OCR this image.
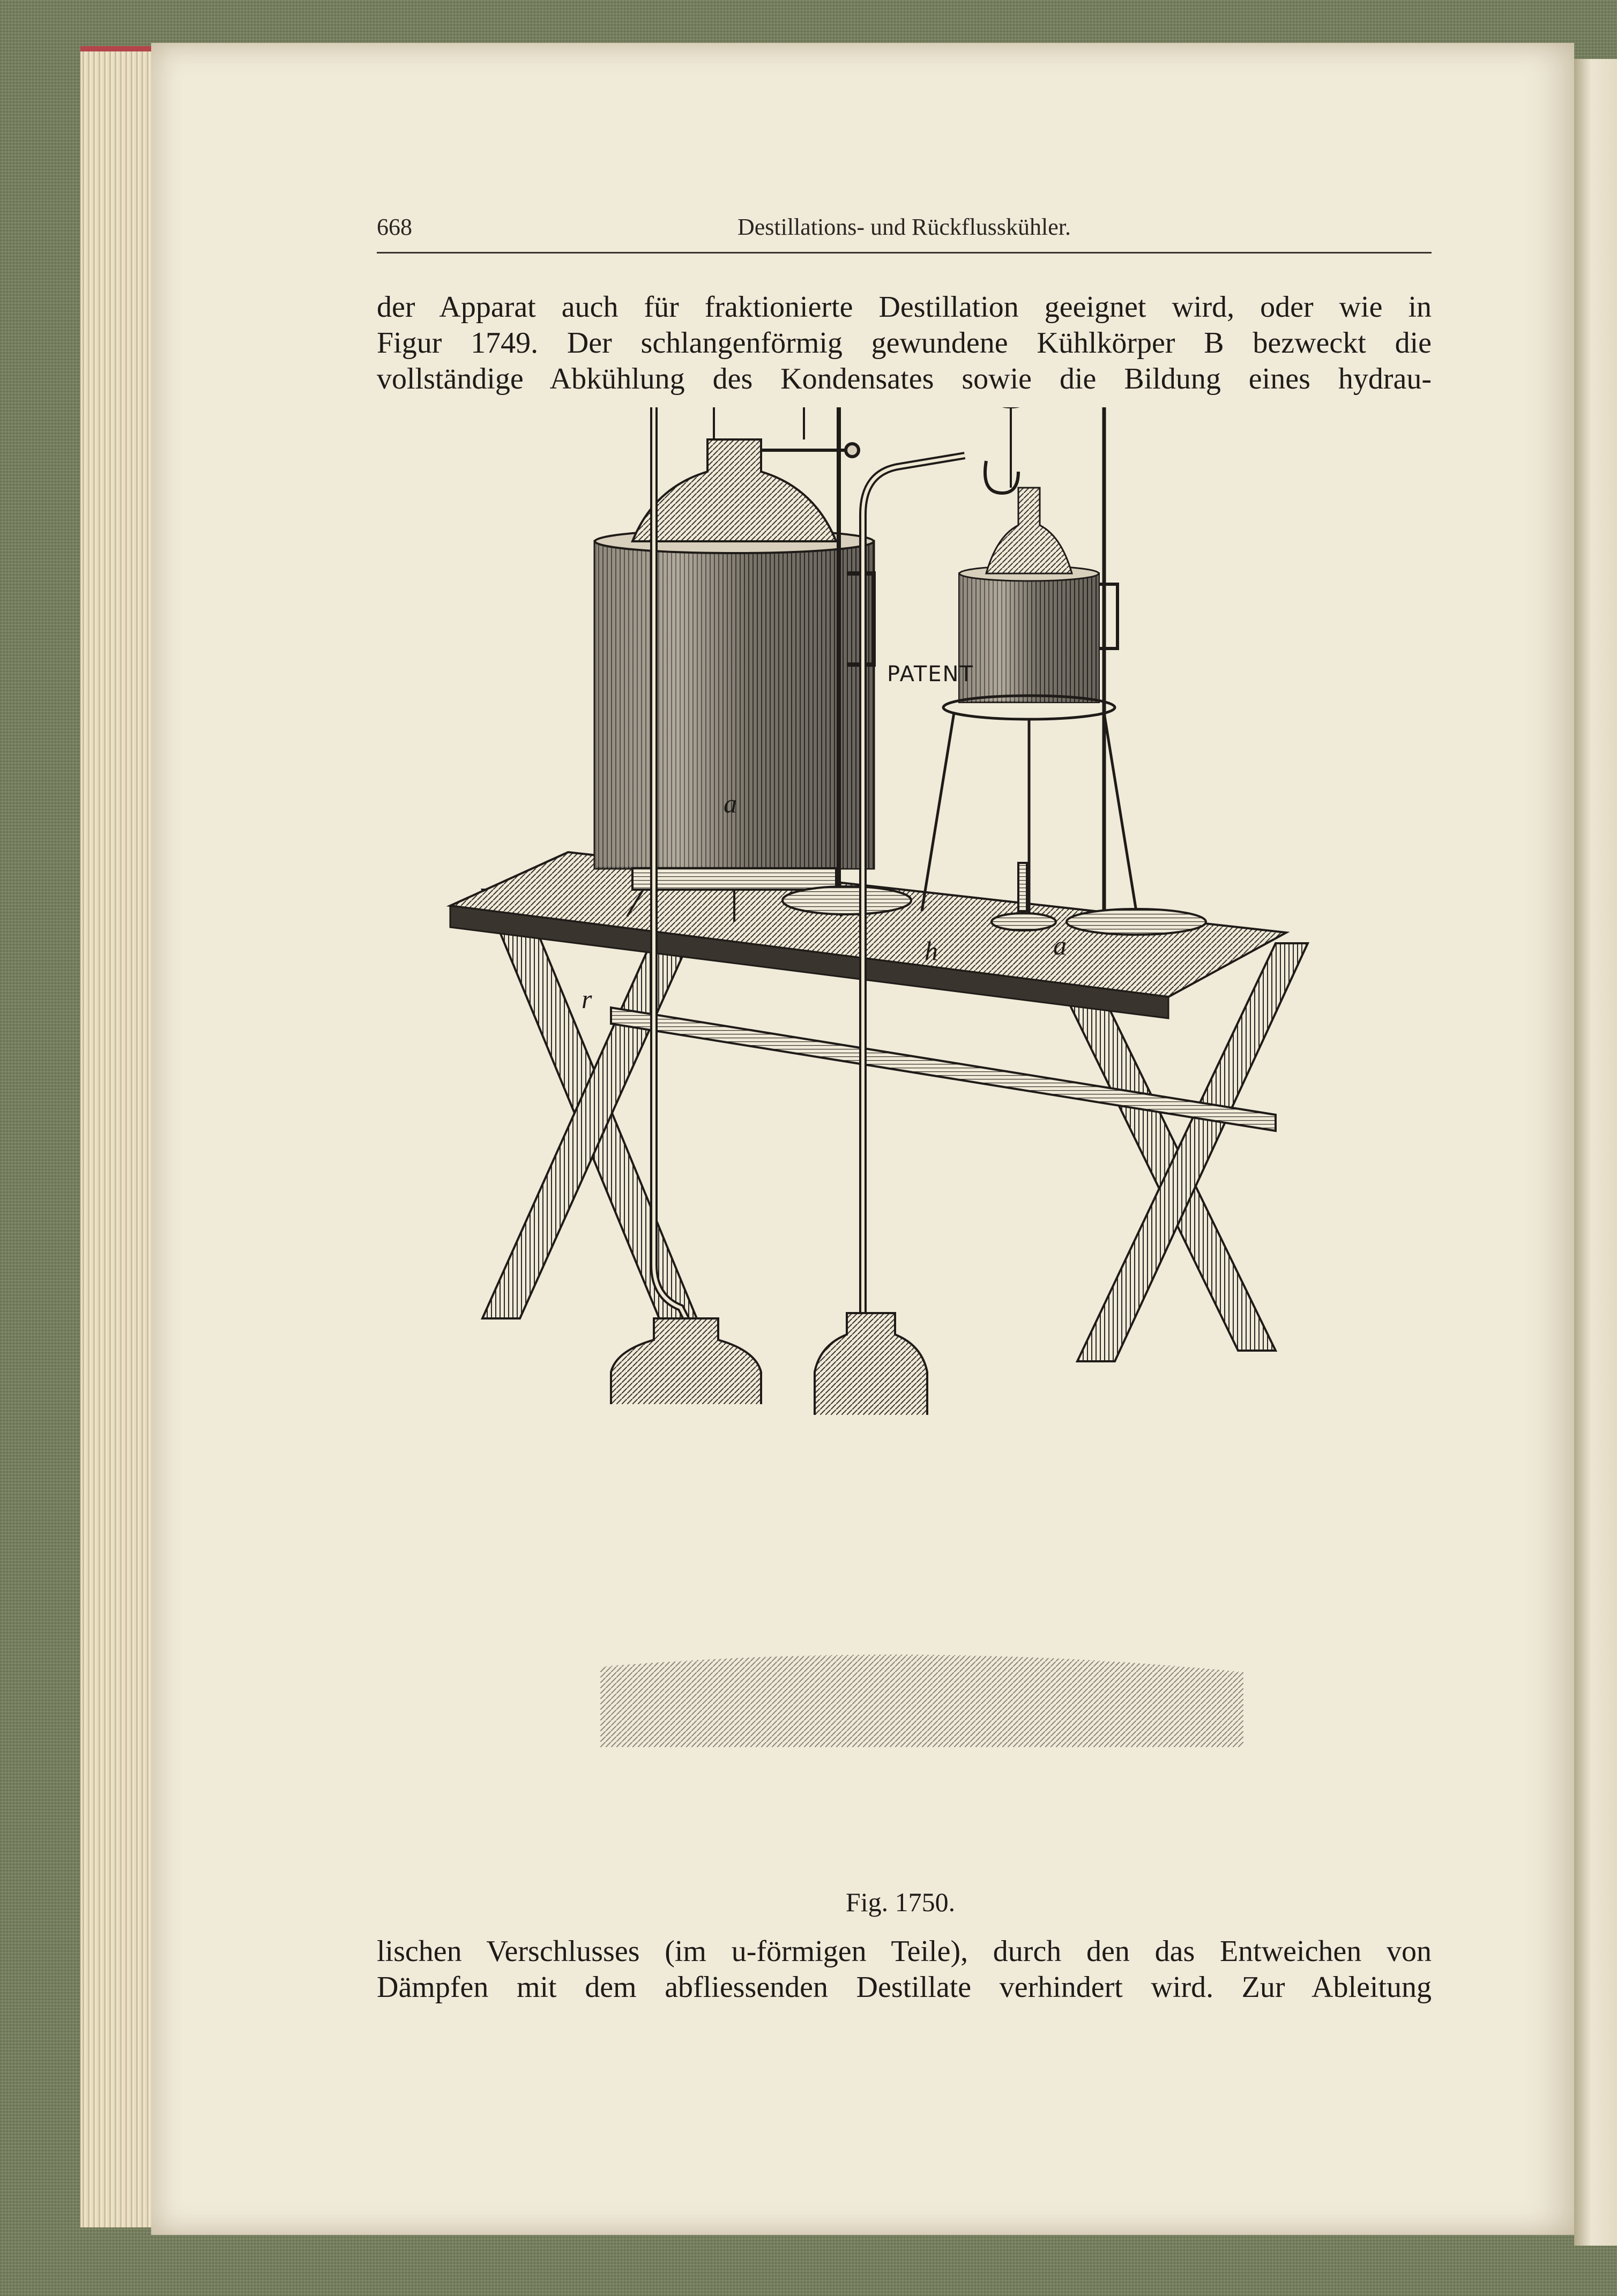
668	Destillations- und Rückflusskühler.
der Apparat auch für fraktionierte Destillation geeignet wird, oder wie in
Figur 1749. Der schlangenförmig gewundene Kühlkörper B bezweckt die
vollständige Abkühlung des Kondensates sowie die Bildung eines hydrau-
PATENT
a
r
h	a
Fig. 1750.
lischen Verschlusses (im u-förmigen Teile), durch den das Entweichen von
Dämpfen mit dem abfliessenden Destillate verhindert wird. Zur Ableitung
